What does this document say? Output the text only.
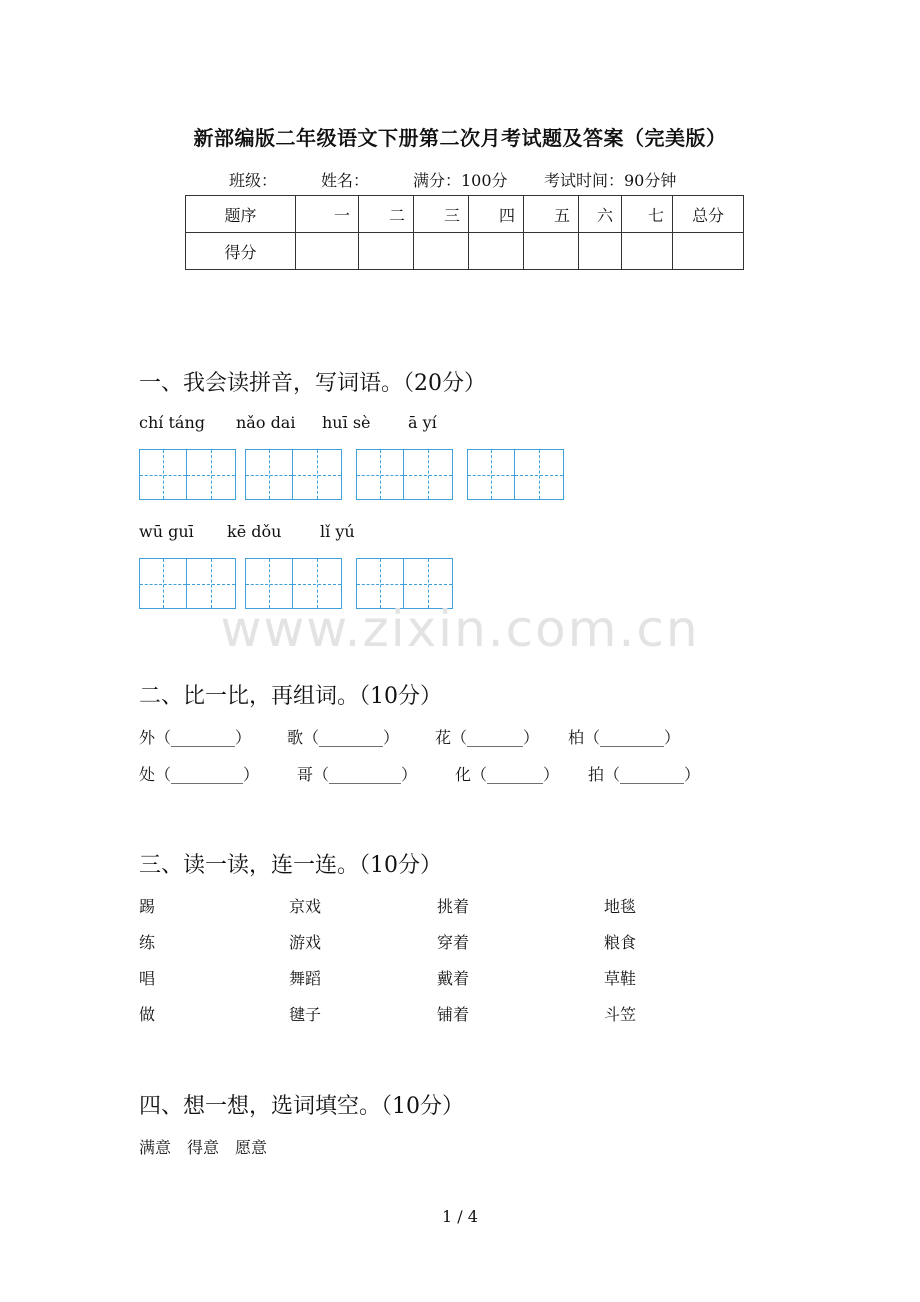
新部编版二年级语文下册第二次月考试题及答案（完美版）
班级：	姓名：	满分：100分 考试时间：90分钟
题序	一	二	三	四	五	六	七	总分
得分								
一、我会读拼音，写词语。（20分）
chí táng nǎo dai huī sè ā yí
wū guī kē dǒu lǐ yú
www.zixin.com.cn
二、比一比，再组词。（10分）
外（________） 歌（________） 花（_______） 柏（________）
处（_________） 哥（_________） 化（_______） 拍（________）
三、读一读，连一连。（10分）
踢	京戏	挑着	地毯
练	游戏	穿着	粮食
唱	舞蹈	戴着	草鞋
做	毽子	铺着	斗笠
四、想一想，选词填空。（10分）
满意　得意　愿意
1 / 4
